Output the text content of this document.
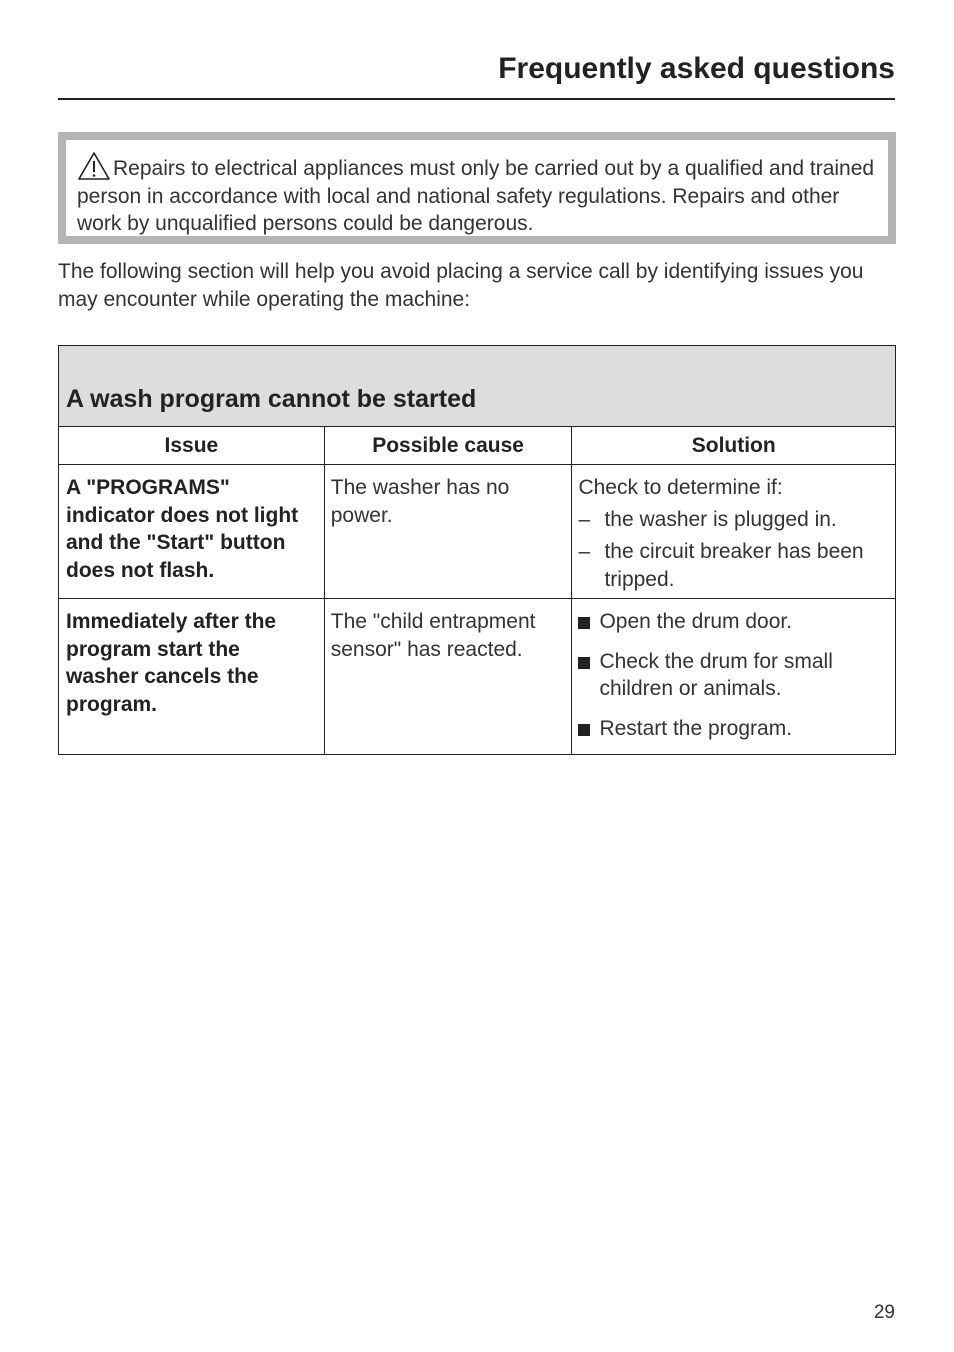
Frequently asked questions
Repairs to electrical appliances must only be carried out by a qualified and trained person in accordance with local and national safety regulations. Repairs and other work by unqualified persons could be dangerous.
The following section will help you avoid placing a service call by identifying issues you may encounter while operating the machine:
A wash program cannot be started		
Issue	Possible cause	Solution
A "PROGRAMS" indicator does not light and the "Start" button does not flash.	The washer has no power.	Check to determine if:
– the washer is plugged in.
– the circuit breaker has been tripped.

Immediately after the program start the washer cancels the program.	The "child entrapment sensor" has reacted.	Open the drum door.
Check the drum for small children or animals.
Restart the program.
29
